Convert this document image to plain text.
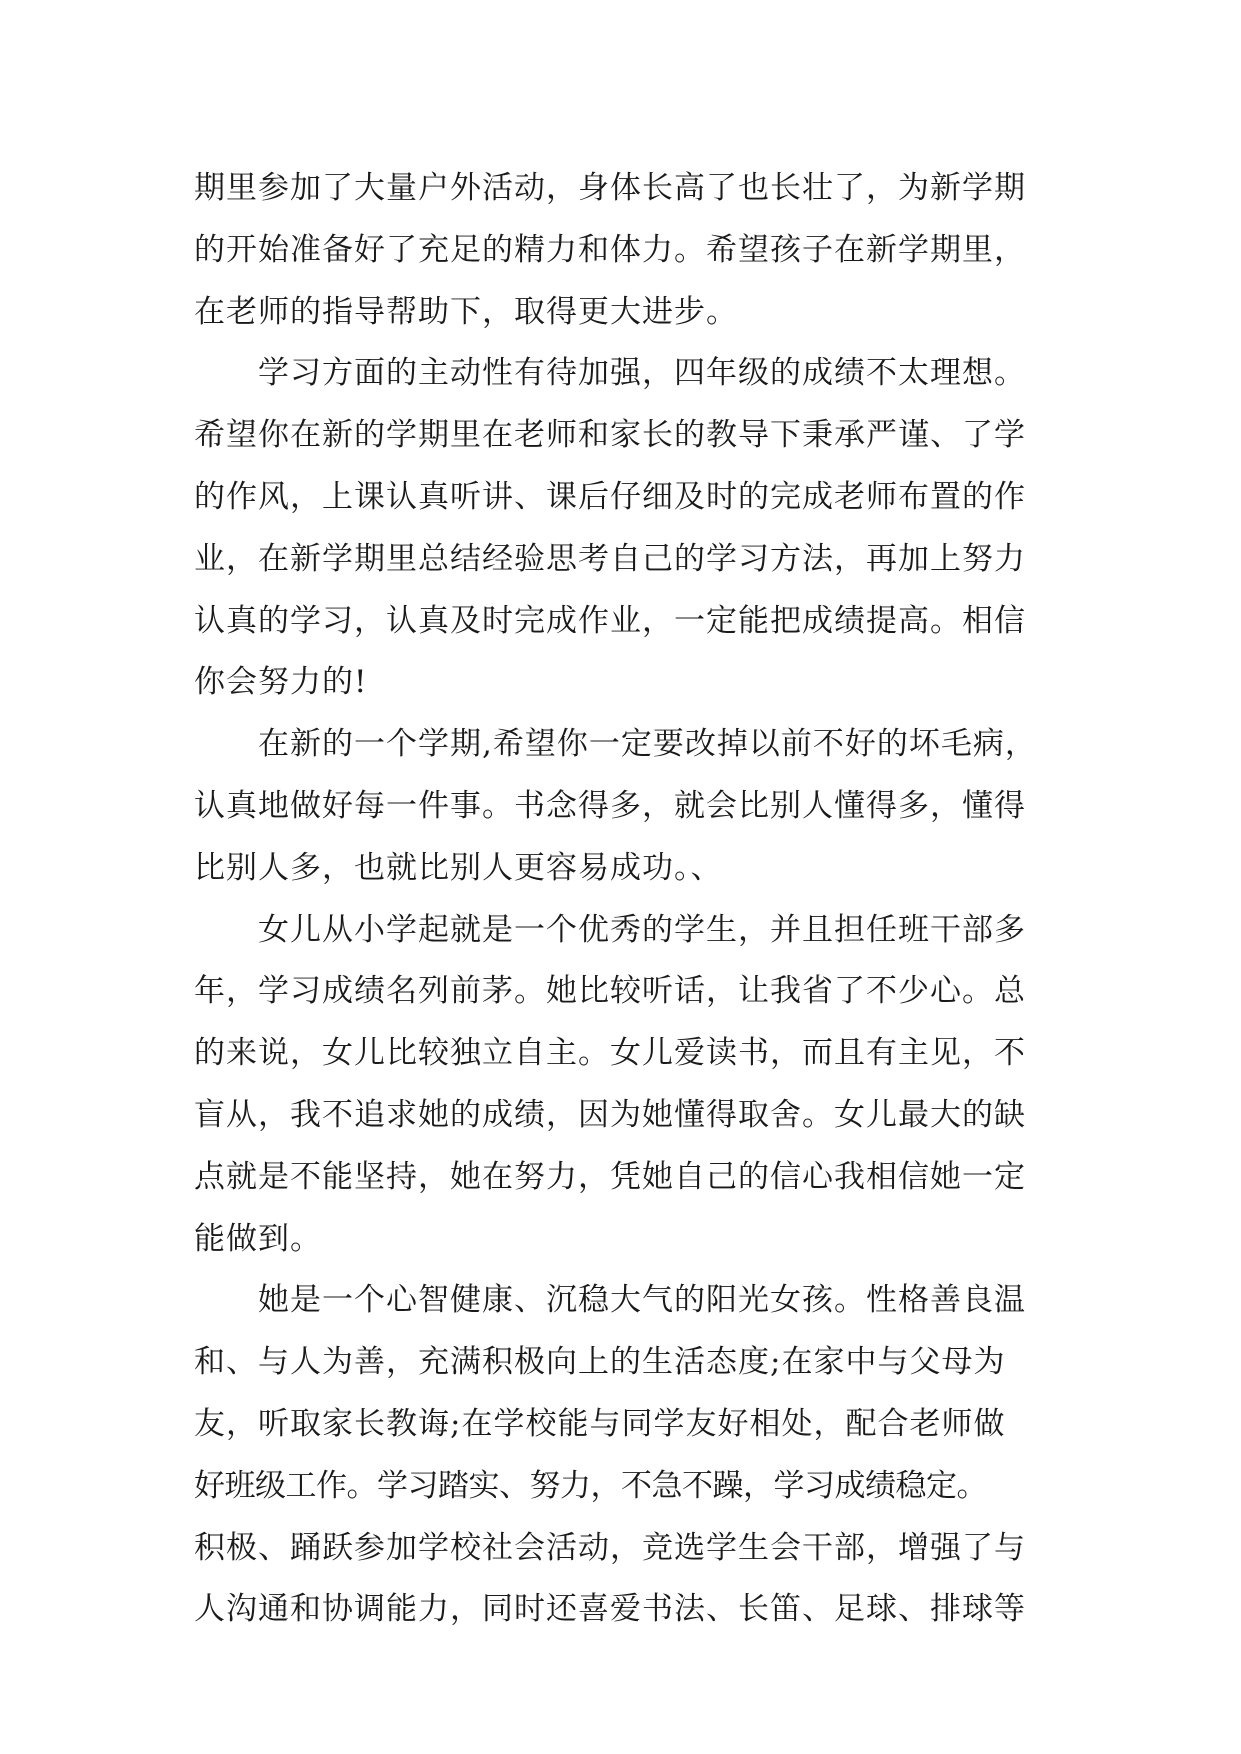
期里参加了大量户外活动，身体长高了也长壮了，为新学期
的开始准备好了充足的精力和体力。希望孩子在新学期里，
在老师的指导帮助下，取得更大进步。
学习方面的主动性有待加强，四年级的成绩不太理想。
希望你在新的学期里在老师和家长的教导下秉承严谨、了学
的作风，上课认真听讲、课后仔细及时的完成老师布置的作
业，在新学期里总结经验思考自己的学习方法，再加上努力
认真的学习，认真及时完成作业，一定能把成绩提高。相信
你会努力的!
在新的一个学期,希望你一定要改掉以前不好的坏毛病，
认真地做好每一件事。书念得多，就会比别人懂得多，懂得
比别人多，也就比别人更容易成功。、
女儿从小学起就是一个优秀的学生，并且担任班干部多
年，学习成绩名列前茅。她比较听话，让我省了不少心。总
的来说，女儿比较独立自主。女儿爱读书，而且有主见，不
盲从，我不追求她的成绩，因为她懂得取舍。女儿最大的缺
点就是不能坚持，她在努力，凭她自己的信心我相信她一定
能做到。
她是一个心智健康、沉稳大气的阳光女孩。性格善良温
和、与人为善，充满积极向上的生活态度;在家中与父母为
友，听取家长教诲;在学校能与同学友好相处，配合老师做
好班级工作。学习踏实、努力，不急不躁，学习成绩稳定。
积极、踊跃参加学校社会活动，竞选学生会干部，增强了与
人沟通和协调能力，同时还喜爱书法、长笛、足球、排球等
